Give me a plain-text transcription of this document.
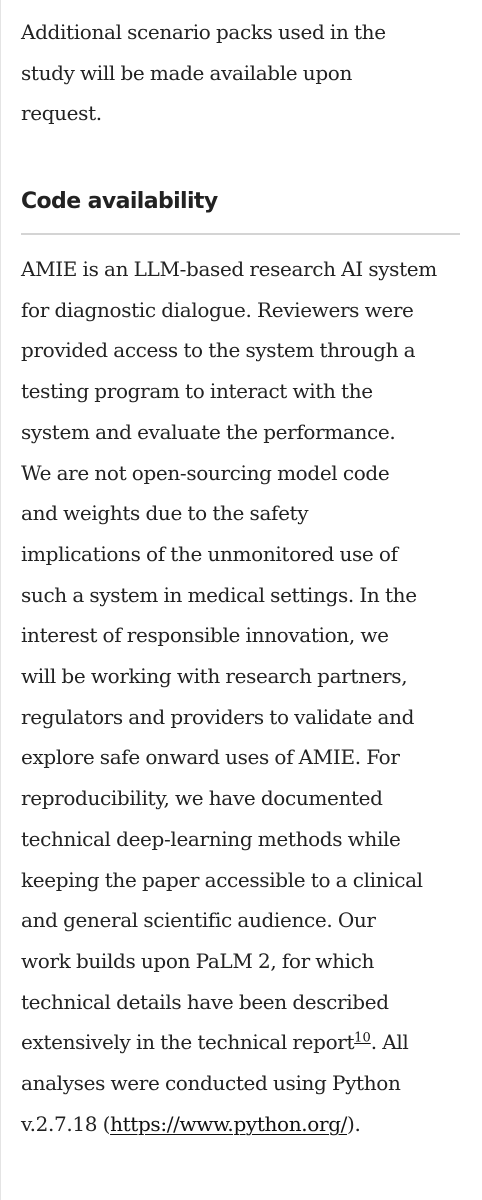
Additional scenario packs used in the
study will be made available upon
request.

Code availability

AMIE is an LLM-based research AI system
for diagnostic dialogue. Reviewers were
provided access to the system through a
testing program to interact with the
system and evaluate the performance.
We are not open-sourcing model code
and weights due to the safety
implications of the unmonitored use of
such a system in medical settings. In the
interest of responsible innovation, we
will be working with research partners,
regulators and providers to validate and
explore safe onward uses of AMIE. For
reproducibility, we have documented
technical deep-learning methods while
keeping the paper accessible to a clinical
and general scientific audience. Our
work builds upon PaLM 2, for which
technical details have been described
extensively in the technical report$^{10}$. All
analyses were conducted using Python
v.2.7.18 (https://www.python.org/).
